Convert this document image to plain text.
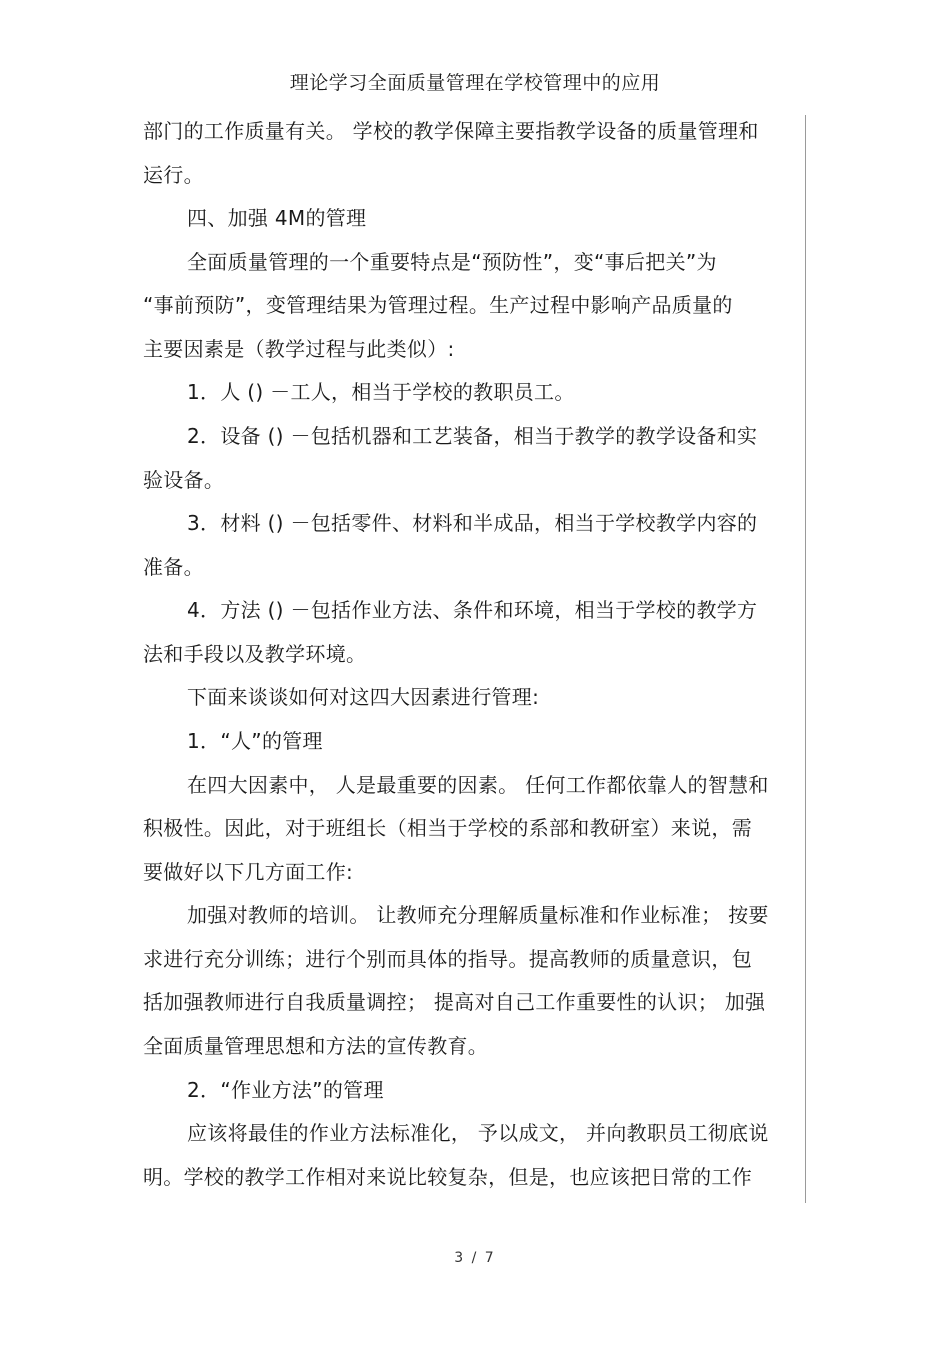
理论学习全面质量管理在学校管理中的应用
部门的工作质量有关。 学校的教学保障主要指教学设备的质量管理和
运行。
四、加强 4M的管理
全面质量管理的一个重要特点是“预防性”，变“事后把关”为
“事前预防”，变管理结果为管理过程。生产过程中影响产品质量的
主要因素是（教学过程与此类似）:
1．人 () －工人，相当于学校的教职员工。
2．设备 () －包括机器和工艺装备，相当于教学的教学设备和实
验设备。
3．材料 () －包括零件、材料和半成品，相当于学校教学内容的
准备。
4．方法 () －包括作业方法、条件和环境，相当于学校的教学方
法和手段以及教学环境。
下面来谈谈如何对这四大因素进行管理:
1．“人”的管理
在四大因素中， 人是最重要的因素。 任何工作都依靠人的智慧和
积极性。因此，对于班组长（相当于学校的系部和教研室）来说，需
要做好以下几方面工作:
加强对教师的培训。 让教师充分理解质量标准和作业标准； 按要
求进行充分训练；进行个别而具体的指导。提高教师的质量意识，包
括加强教师进行自我质量调控； 提高对自己工作重要性的认识； 加强
全面质量管理思想和方法的宣传教育。
2．“作业方法”的管理
应该将最佳的作业方法标准化， 予以成文， 并向教职员工彻底说
明。学校的教学工作相对来说比较复杂，但是，也应该把日常的工作
3 / 7
